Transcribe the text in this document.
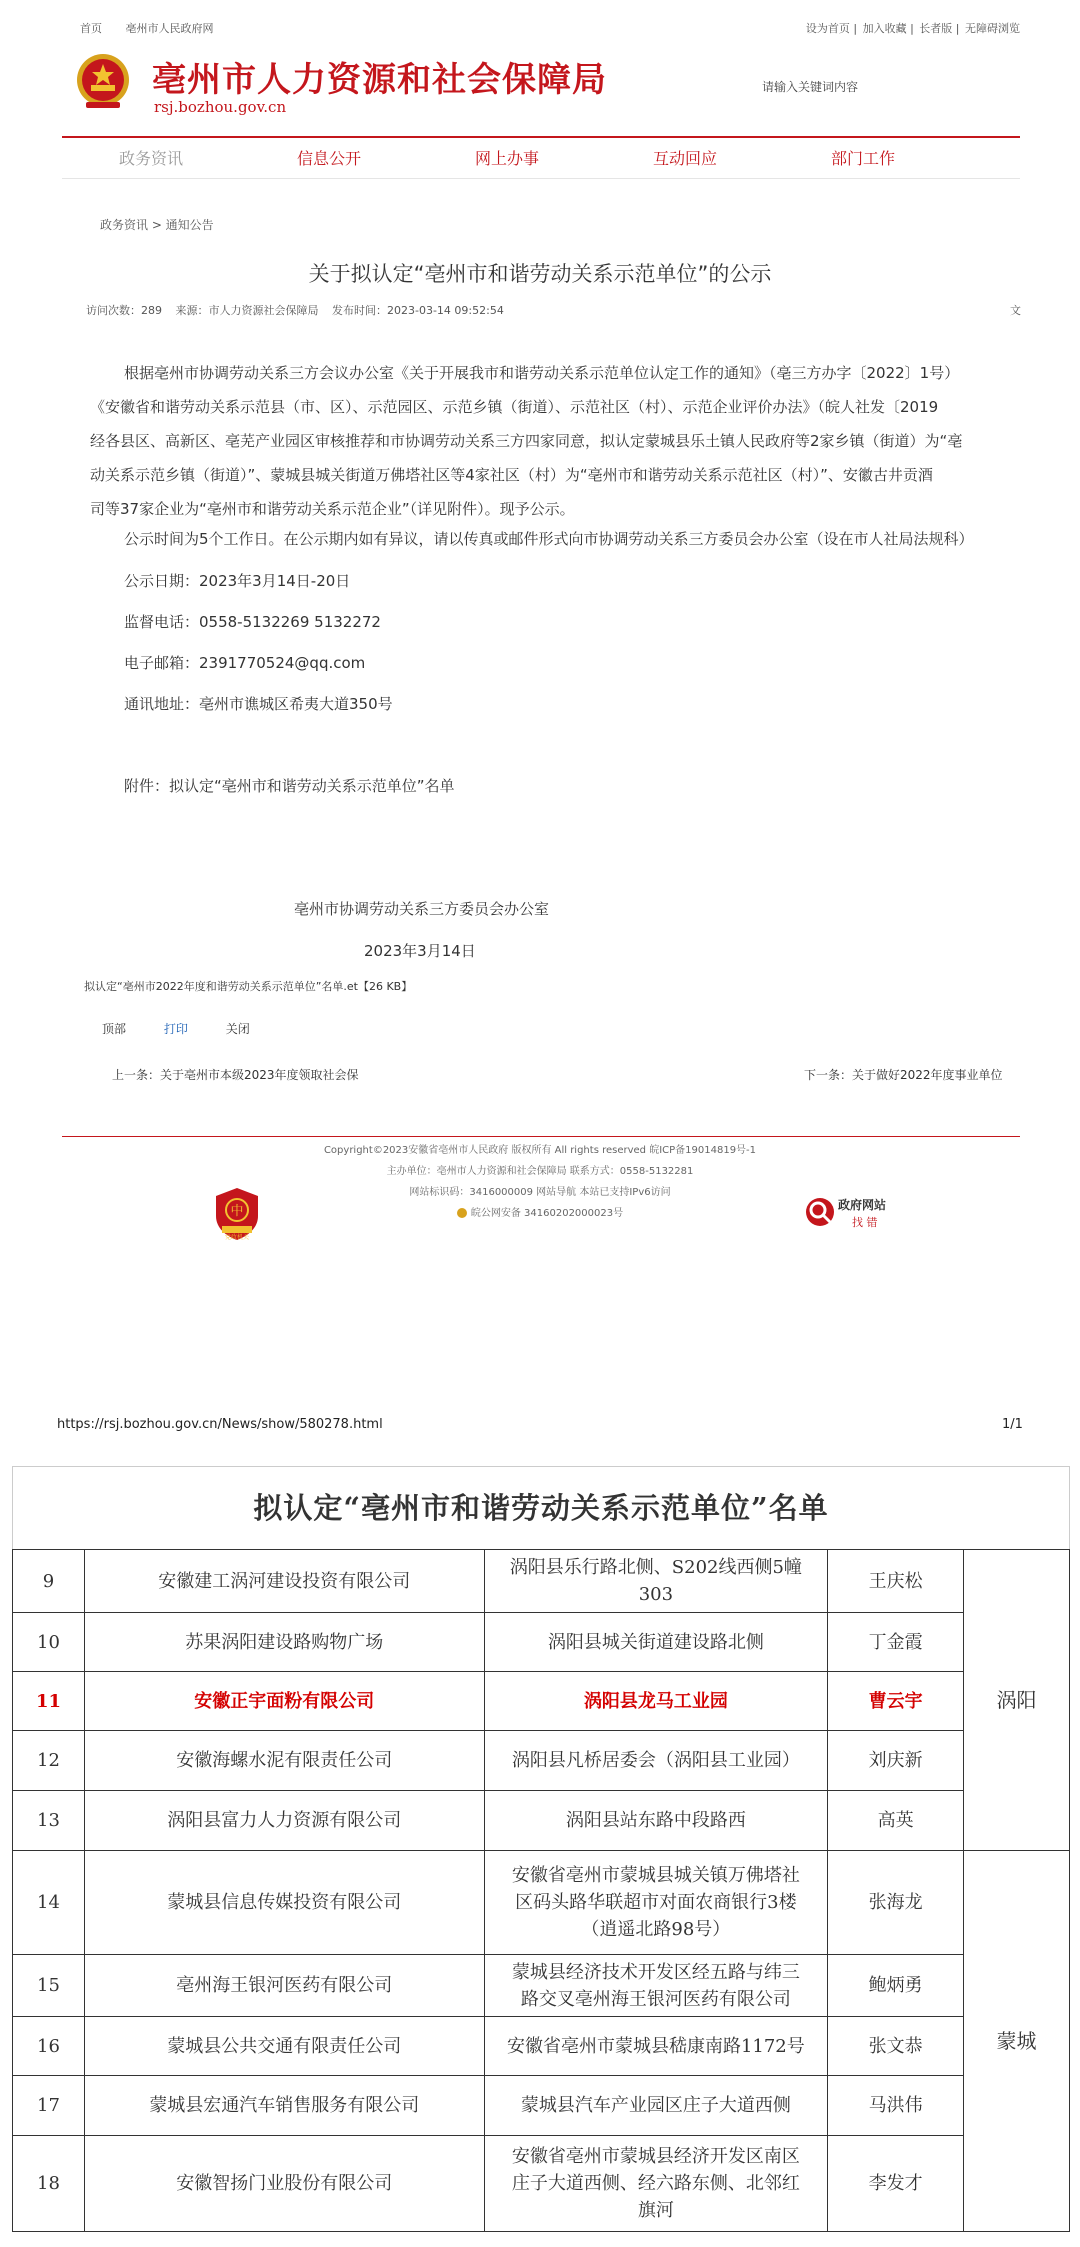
首页 亳州市人民政府网	设为首页 | 加入收藏 | 长者版 | 无障碍浏览
亳州市人力资源和社会保障局
rsj.bozhou.gov.cn
请输入关键词内容
政务资讯	信息公开	网上办事	互动回应	部门工作
政务资讯 > 通知公告
关于拟认定“亳州市和谐劳动关系示范单位”的公示
访问次数：289 来源：市人力资源社会保障局 发布时间：2023-03-14 09:52:54	文
根据亳州市协调劳动关系三方会议办公室《关于开展我市和谐劳动关系示范单位认定工作的通知》（亳三方办字〔2022〕1号）
《安徽省和谐劳动关系示范县（市、区）、示范园区、示范乡镇（街道）、示范社区（村）、示范企业评价办法》（皖人社发〔2019
经各县区、高新区、亳芜产业园区审核推荐和市协调劳动关系三方四家同意，拟认定蒙城县乐土镇人民政府等2家乡镇（街道）为“亳
动关系示范乡镇（街道）”、蒙城县城关街道万佛塔社区等4家社区（村）为“亳州市和谐劳动关系示范社区（村）”、安徽古井贡酒
司等37家企业为“亳州市和谐劳动关系示范企业”（详见附件）。现予公示。
公示时间为5个工作日。在公示期内如有异议，请以传真或邮件形式向市协调劳动关系三方委员会办公室（设在市人社局法规科）
公示日期：2023年3月14日-20日
监督电话：0558-5132269 5132272
电子邮箱：2391770524@qq.com
通讯地址：亳州市谯城区希夷大道350号
附件：拟认定“亳州市和谐劳动关系示范单位”名单
亳州市协调劳动关系三方委员会办公室
2023年3月14日
拟认定“亳州市2022年度和谐劳动关系示范单位”名单.et【26 KB】
顶部	打印	关闭
上一条：关于亳州市本级2023年度领取社会保	下一条：关于做好2022年度事业单位
Copyright©2023安徽省亳州市人民政府 版权所有 All rights reserved 皖ICP备19014819号-1
主办单位：亳州市人力资源和社会保障局 联系方式：0558-5132281
网站标识码：3416000009 网站导航 本站已支持IPv6访问
皖公网安备 34160202000023号
中
党政机关
政府网站
找 错
https://rsj.bozhou.gov.cn/News/show/580278.html	1/1
拟认定“亳州市和谐劳动关系示范单位”名单				
9	安徽建工涡河建设投资有限公司	涡阳县乐行路北侧、S202线西侧5幢
303	王庆松	涡阳
10	苏果涡阳建设路购物广场	涡阳县城关街道建设路北侧	丁金霞	
11	安徽正宇面粉有限公司	涡阳县龙马工业园	曹云宇	
12	安徽海螺水泥有限责任公司	涡阳县凡桥居委会（涡阳县工业园）	刘庆新	
13	涡阳县富力人力资源有限公司	涡阳县站东路中段路西	高英	
14	蒙城县信息传媒投资有限公司	安徽省亳州市蒙城县城关镇万佛塔社
区码头路华联超市对面农商银行3楼
（逍遥北路98号）	张海龙	蒙城
15	亳州海王银河医药有限公司	蒙城县经济技术开发区经五路与纬三
路交叉亳州海王银河医药有限公司	鲍炳勇	
16	蒙城县公共交通有限责任公司	安徽省亳州市蒙城县嵇康南路1172号	张文恭	
17	蒙城县宏通汽车销售服务有限公司	蒙城县汽车产业园区庄子大道西侧	马洪伟	
18	安徽智扬门业股份有限公司	安徽省亳州市蒙城县经济开发区南区
庄子大道西侧、经六路东侧、北邻红
旗河	李发才	
